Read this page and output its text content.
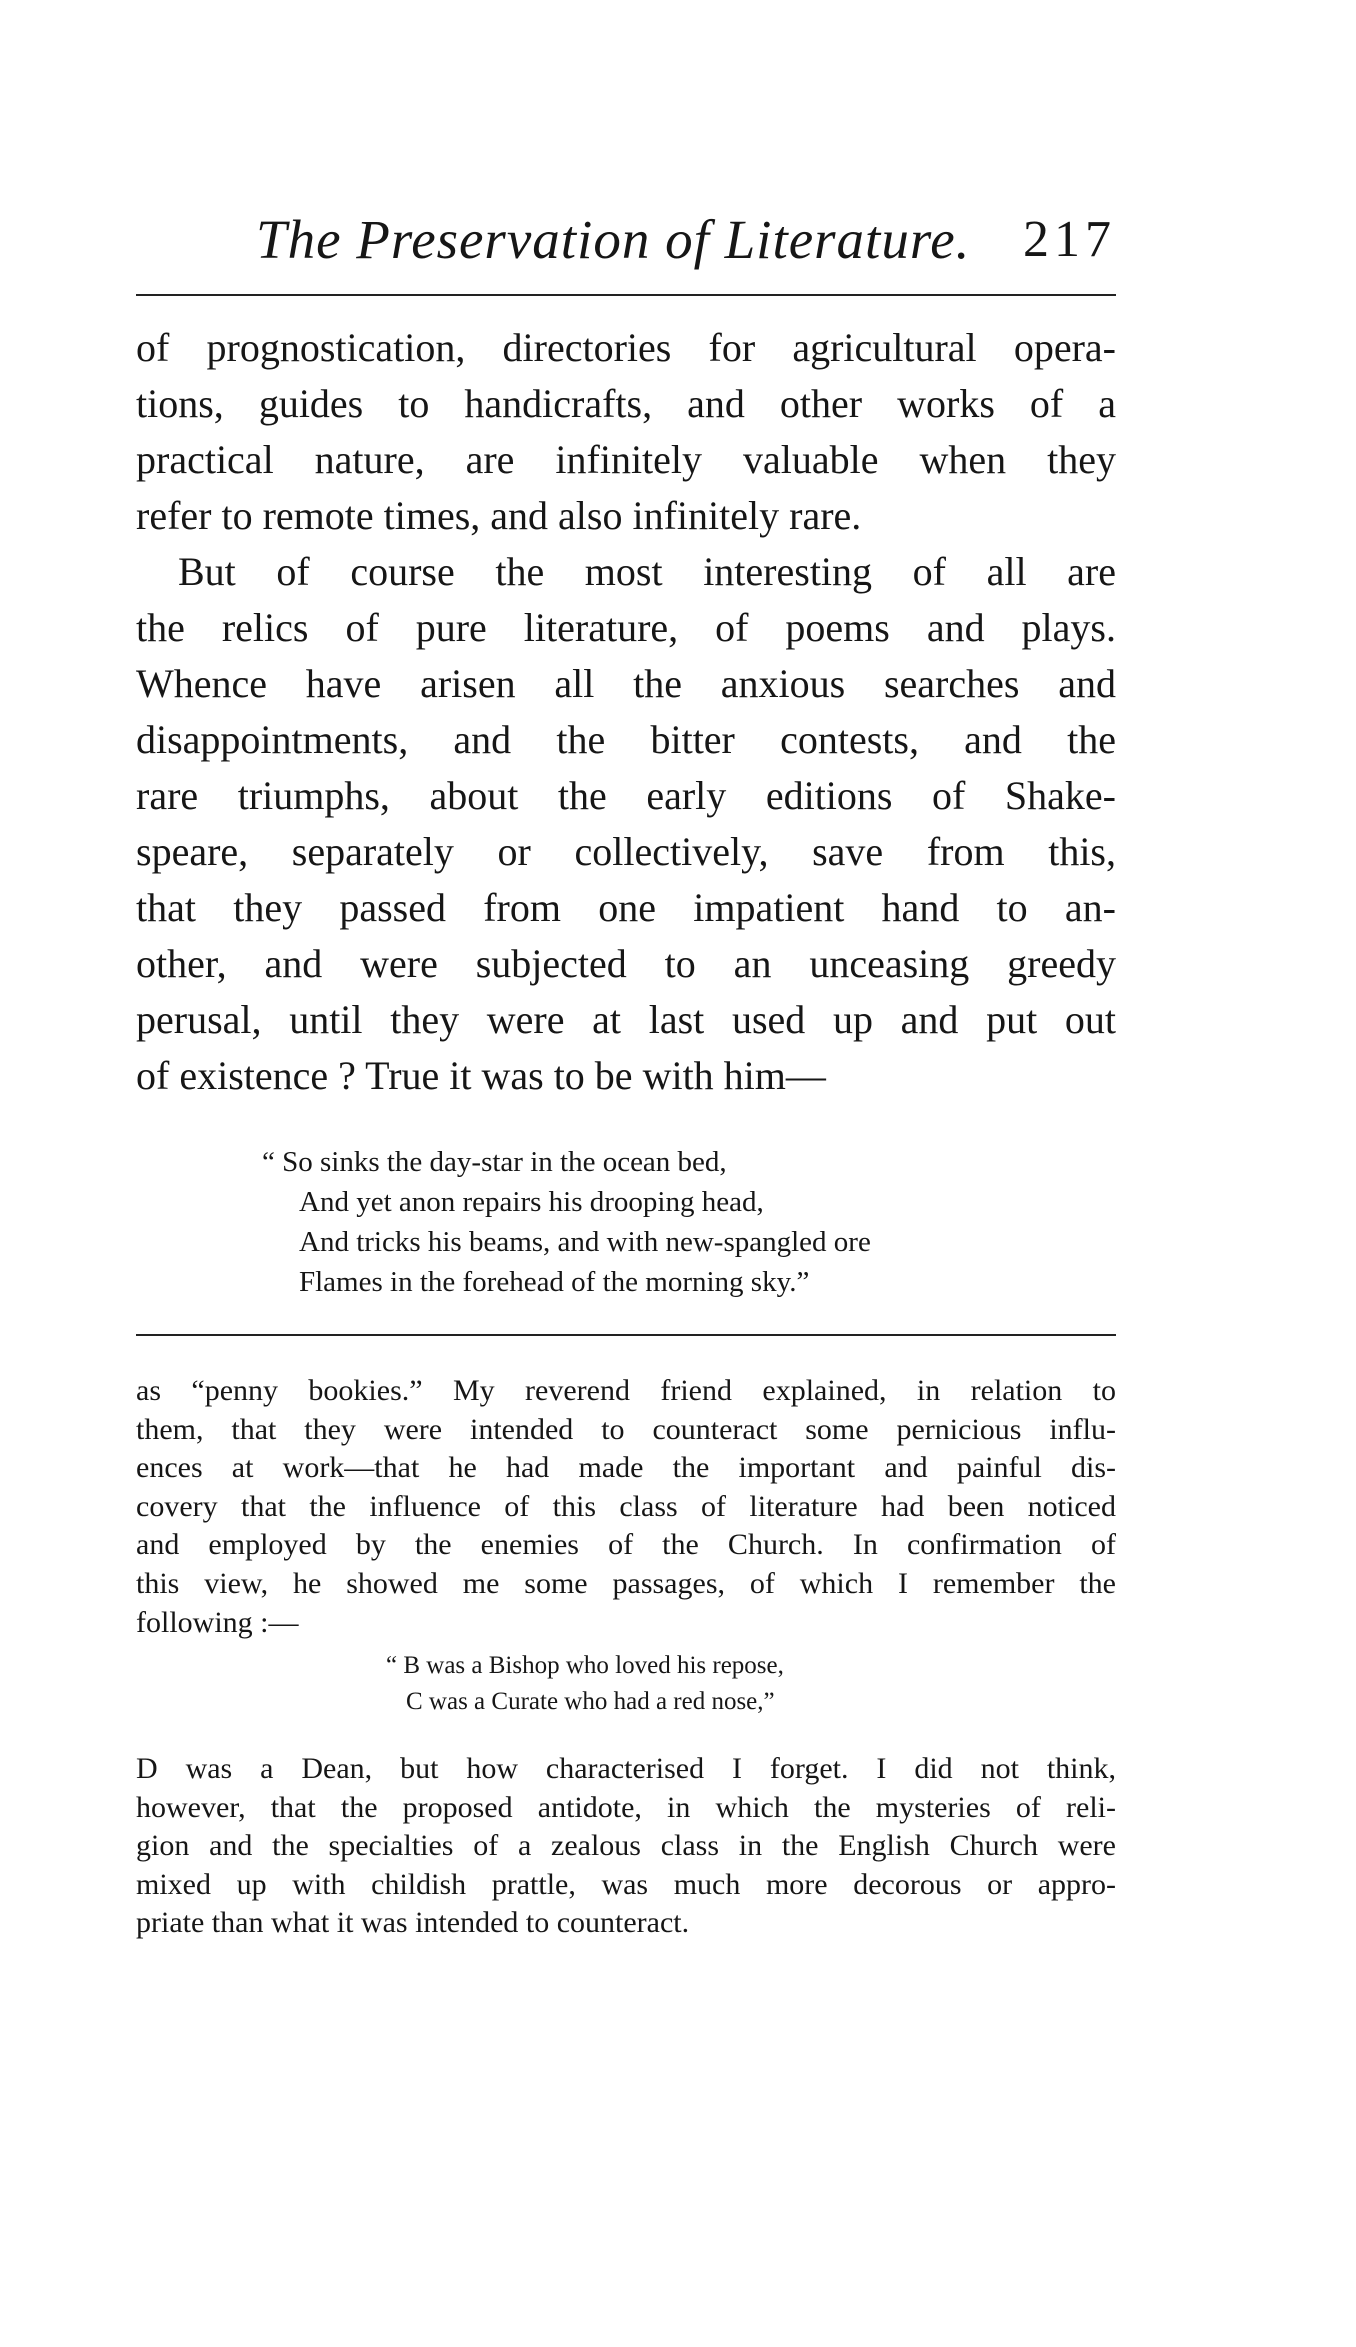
The Preservation of Literature. 217
of prognostication, directories for agricultural opera-
tions, guides to handicrafts, and other works of a
practical nature, are infinitely valuable when they
refer to remote times, and also infinitely rare.
But of course the most interesting of all are
the relics of pure literature, of poems and plays.
Whence have arisen all the anxious searches and
disappointments, and the bitter contests, and the
rare triumphs, about the early editions of Shake-
speare, separately or collectively, save from this,
that they passed from one impatient hand to an-
other, and were subjected to an unceasing greedy
perusal, until they were at last used up and put out
of existence ? True it was to be with him—
“ So sinks the day-star in the ocean bed,
And yet anon repairs his drooping head,
And tricks his beams, and with new-spangled ore
Flames in the forehead of the morning sky.”
as “penny bookies.” My reverend friend explained, in relation to
them, that they were intended to counteract some pernicious influ-
ences at work—that he had made the important and painful dis-
covery that the influence of this class of literature had been noticed
and employed by the enemies of the Church. In confirmation of
this view, he showed me some passages, of which I remember the
following :—
“ B was a Bishop who loved his repose,
C was a Curate who had a red nose,”
D was a Dean, but how characterised I forget. I did not think,
however, that the proposed antidote, in which the mysteries of reli-
gion and the specialties of a zealous class in the English Church were
mixed up with childish prattle, was much more decorous or appro-
priate than what it was intended to counteract.
